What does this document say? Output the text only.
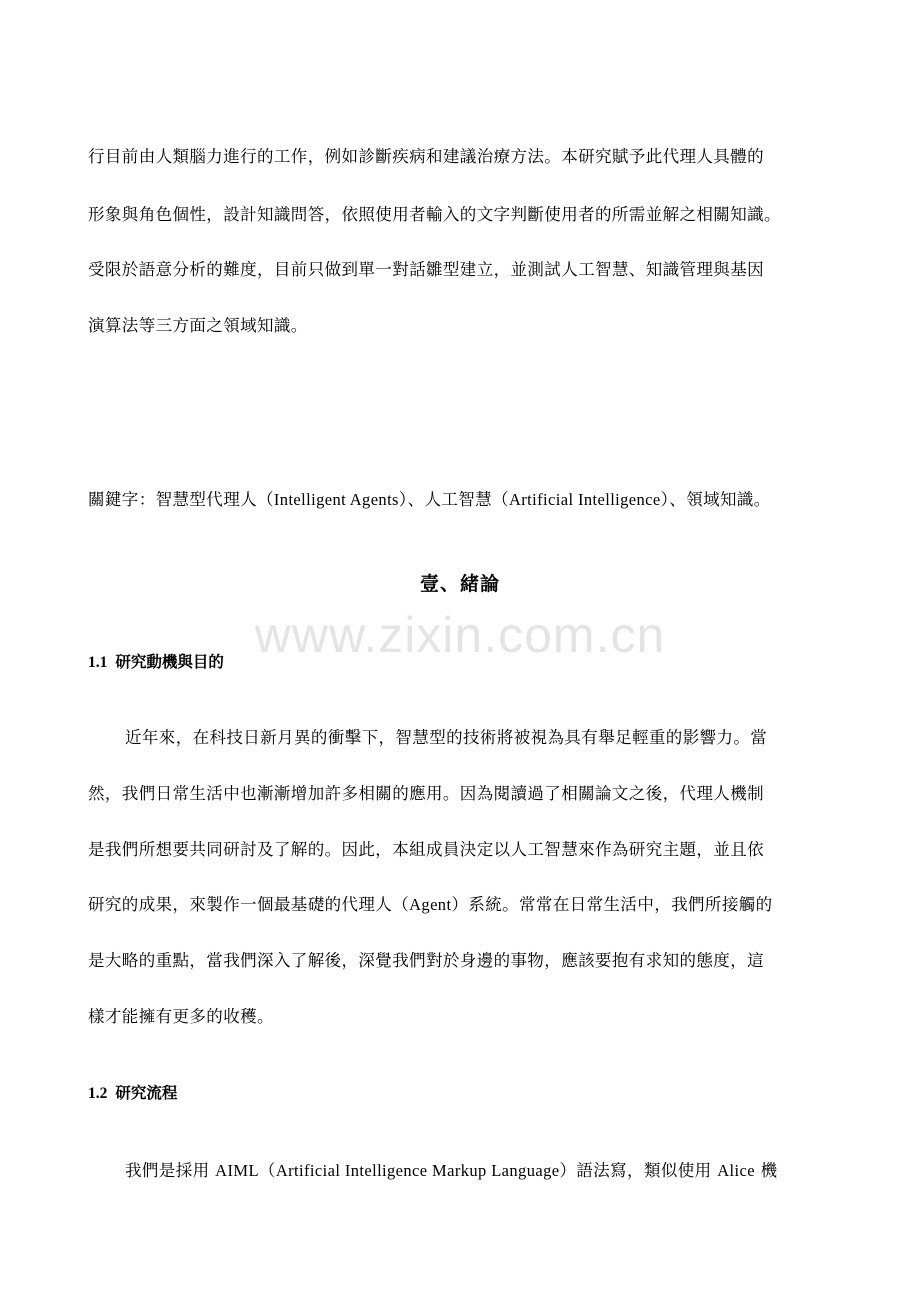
行目前由人類腦力進行的工作，例如診斷疾病和建議治療方法。本研究賦予此代理人具體的
形象與角色個性，設計知識問答，依照使用者輸入的文字判斷使用者的所需並解之相關知識。
受限於語意分析的難度，目前只做到單一對話雛型建立，並測試人工智慧、知識管理與基因
演算法等三方面之領域知識。
關鍵字：智慧型代理人（Intelligent Agents）、人工智慧（Artificial Intelligence）、領域知識。
壹、緒論
www.zixin.com.cn
1.1 研究動機與目的
近年來，在科技日新月異的衝擊下，智慧型的技術將被視為具有舉足輕重的影響力。當
然，我們日常生活中也漸漸增加許多相關的應用。因為閱讀過了相關論文之後，代理人機制
是我們所想要共同研討及了解的。因此，本組成員決定以人工智慧來作為研究主題，並且依
研究的成果，來製作一個最基礎的代理人（Agent）系統。常常在日常生活中，我們所接觸的
是大略的重點，當我們深入了解後，深覺我們對於身邊的事物，應該要抱有求知的態度，這
樣才能擁有更多的收穫。
1.2 研究流程
我們是採用 AIML（Artificial Intelligence Markup Language）語法寫，類似使用 Alice 機
